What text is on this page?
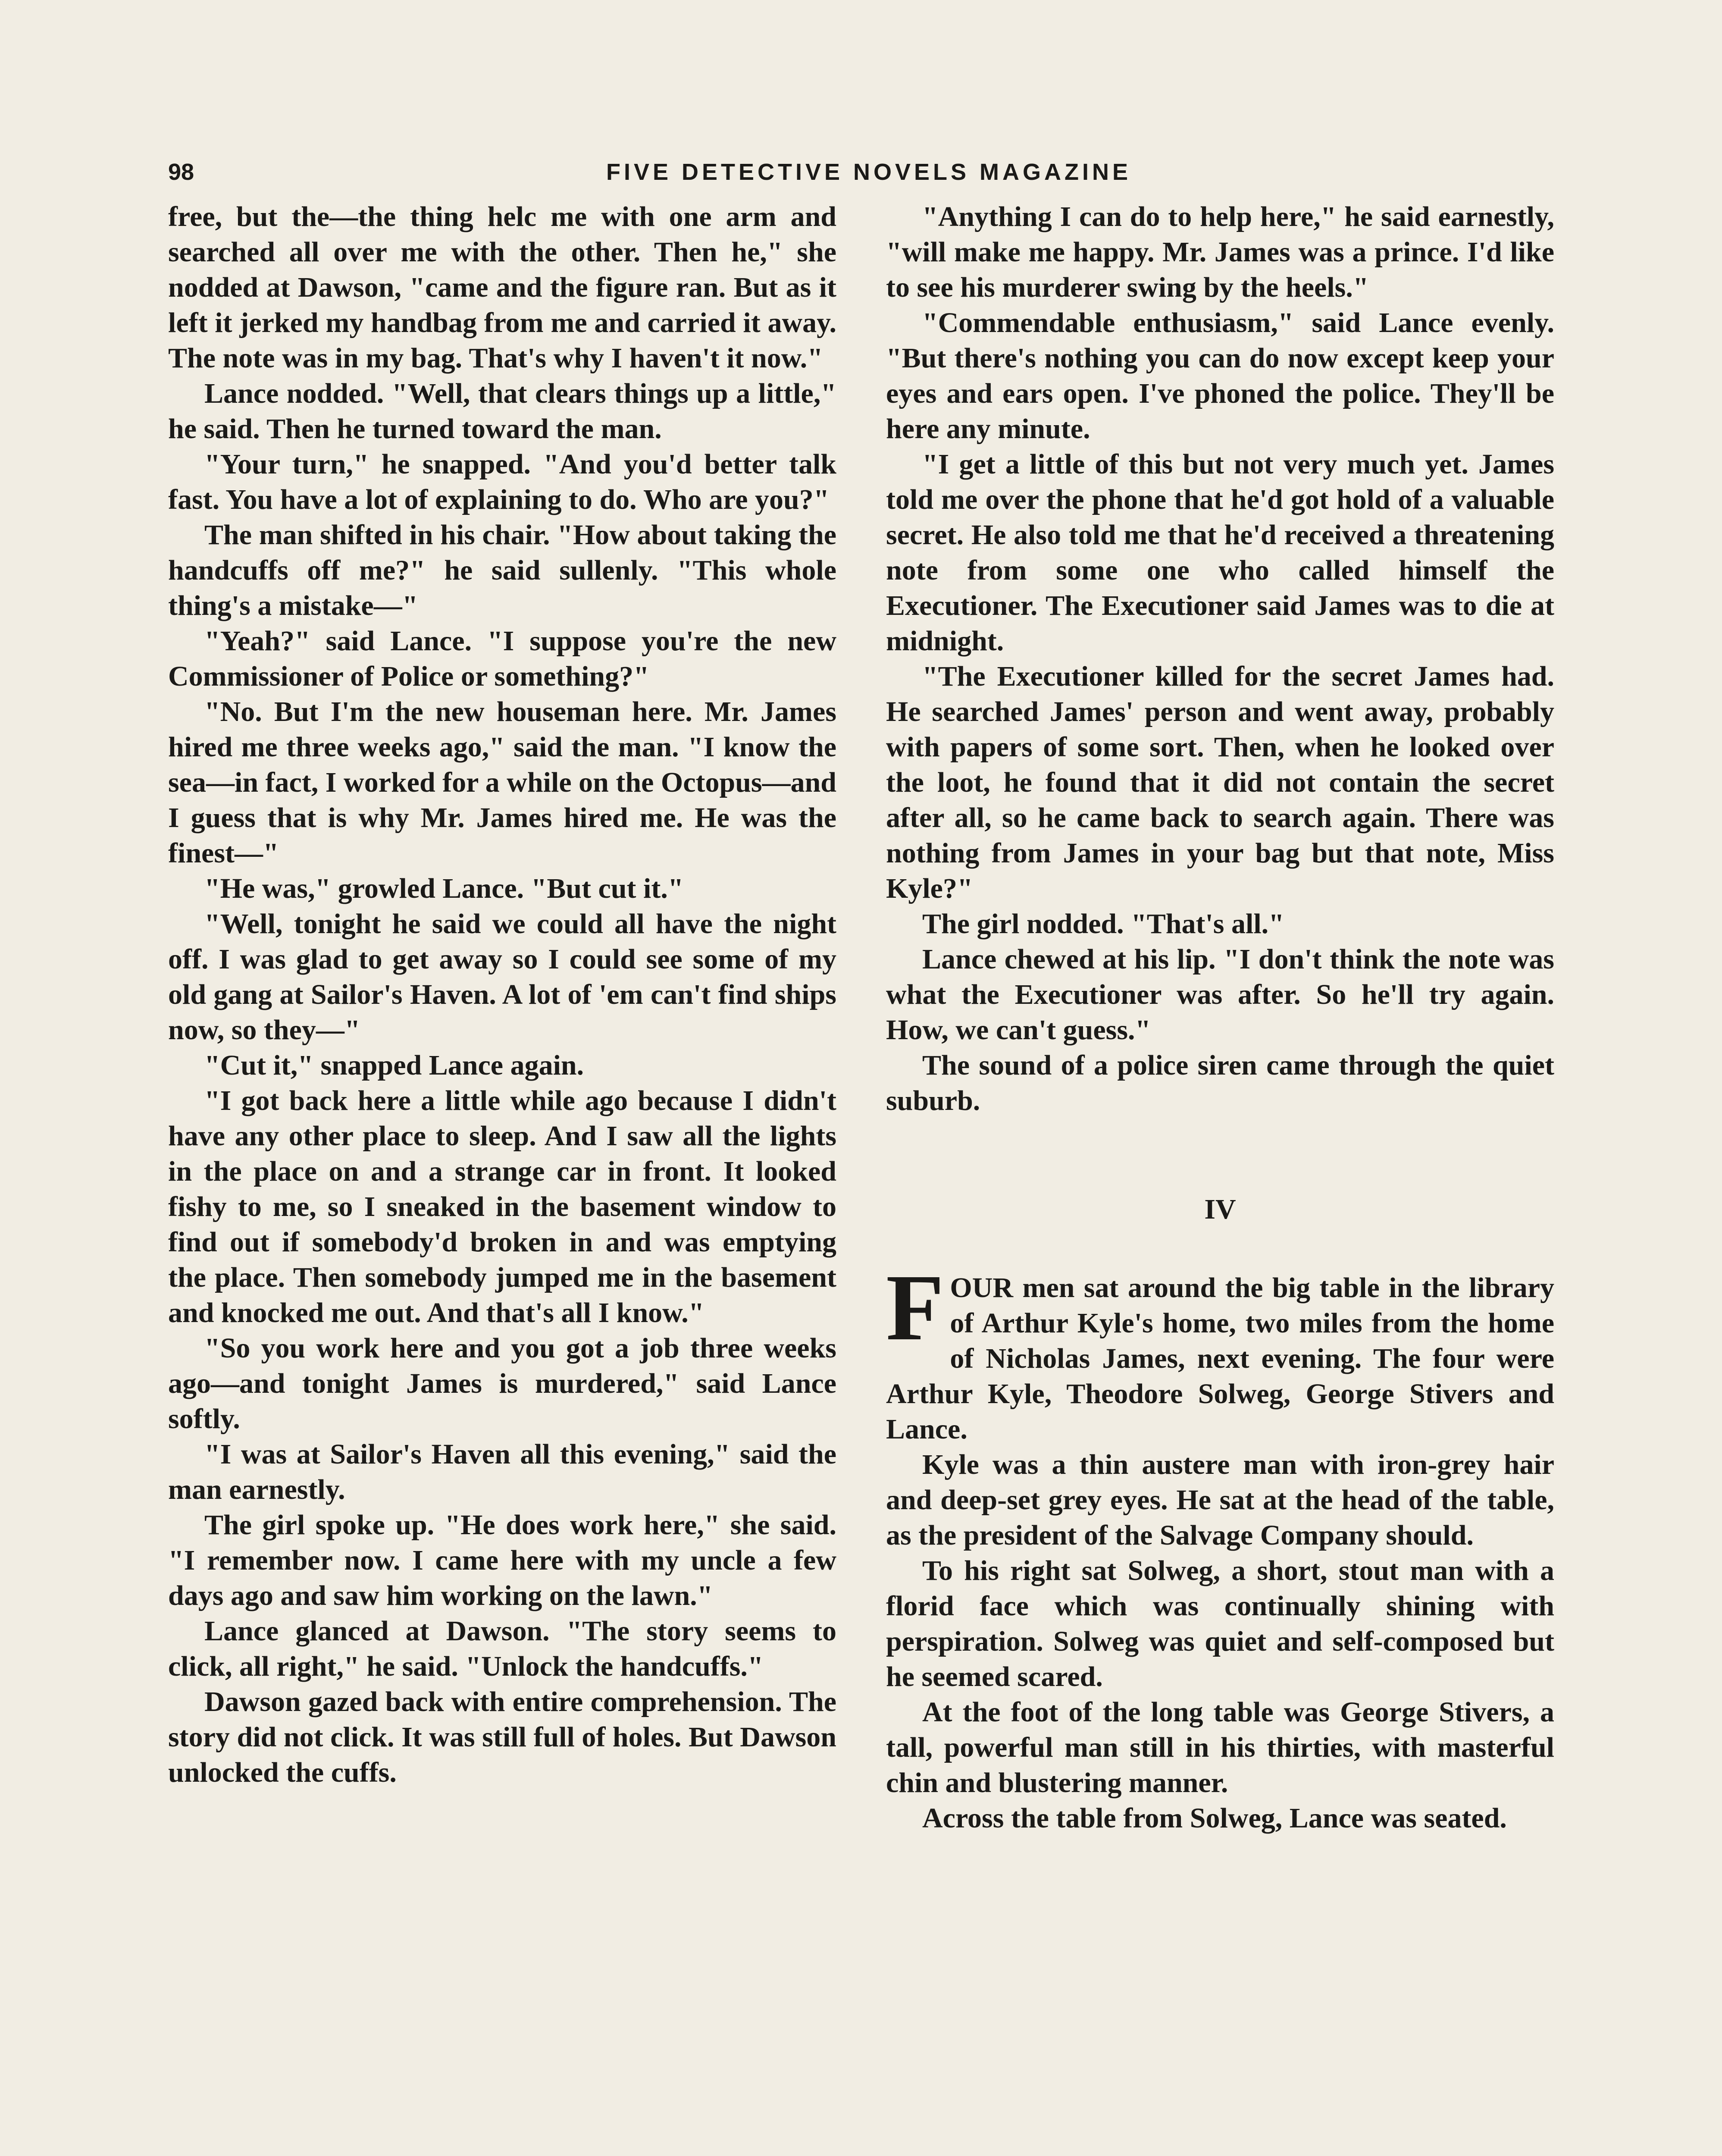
98	FIVE DETECTIVE NOVELS MAGAZINE

free, but the—the thing helc me with one arm and searched all over me with the other. Then he," she nodded at Dawson, "came and the figure ran. But as it left it jerked my handbag from me and carried it away. The note was in my bag. That's why I haven't it now."

Lance nodded. "Well, that clears things up a little," he said. Then he turned toward the man.

"Your turn," he snapped. "And you'd better talk fast. You have a lot of explaining to do. Who are you?"

The man shifted in his chair. "How about taking the handcuffs off me?" he said sullenly. "This whole thing's a mistake—"

"Yeah?" said Lance. "I suppose you're the new Commissioner of Police or something?"

"No. But I'm the new houseman here. Mr. James hired me three weeks ago," said the man. "I know the sea—in fact, I worked for a while on the Octopus—and I guess that is why Mr. James hired me. He was the finest—"

"He was," growled Lance. "But cut it."

"Well, tonight he said we could all have the night off. I was glad to get away so I could see some of my old gang at Sailor's Haven. A lot of 'em can't find ships now, so they—"

"Cut it," snapped Lance again.

"I got back here a little while ago because I didn't have any other place to sleep. And I saw all the lights in the place on and a strange car in front. It looked fishy to me, so I sneaked in the basement window to find out if somebody'd broken in and was emptying the place. Then somebody jumped me in the basement and knocked me out. And that's all I know."

"So you work here and you got a job three weeks ago—and tonight James is murdered," said Lance softly.

"I was at Sailor's Haven all this evening," said the man earnestly.

The girl spoke up. "He does work here," she said. "I remember now. I came here with my uncle a few days ago and saw him working on the lawn."

Lance glanced at Dawson. "The story seems to click, all right," he said. "Unlock the handcuffs."

Dawson gazed back with entire comprehension. The story did not click. It was still full of holes. But Dawson unlocked the cuffs.

"Anything I can do to help here," he said earnestly, "will make me happy. Mr. James was a prince. I'd like to see his murderer swing by the heels."

"Commendable enthusiasm," said Lance evenly. "But there's nothing you can do now except keep your eyes and ears open. I've phoned the police. They'll be here any minute.

"I get a little of this but not very much yet. James told me over the phone that he'd got hold of a valuable secret. He also told me that he'd received a threatening note from some one who called himself the Executioner. The Executioner said James was to die at midnight.

"The Executioner killed for the secret James had. He searched James' person and went away, probably with papers of some sort. Then, when he looked over the loot, he found that it did not contain the secret after all, so he came back to search again. There was nothing from James in your bag but that note, Miss Kyle?"

The girl nodded. "That's all."

Lance chewed at his lip. "I don't think the note was what the Executioner was after. So he'll try again. How, we can't guess."

The sound of a police siren came through the quiet suburb.

IV

FOUR men sat around the big table in the library of Arthur Kyle's home, two miles from the home of Nicholas James, next evening. The four were Arthur Kyle, Theodore Solweg, George Stivers and Lance.

Kyle was a thin austere man with iron-grey hair and deep-set grey eyes. He sat at the head of the table, as the president of the Salvage Company should.

To his right sat Solweg, a short, stout man with a florid face which was continually shining with perspiration. Solweg was quiet and self-composed but he seemed scared.

At the foot of the long table was George Stivers, a tall, powerful man still in his thirties, with masterful chin and blustering manner.

Across the table from Solweg, Lance was seated.
